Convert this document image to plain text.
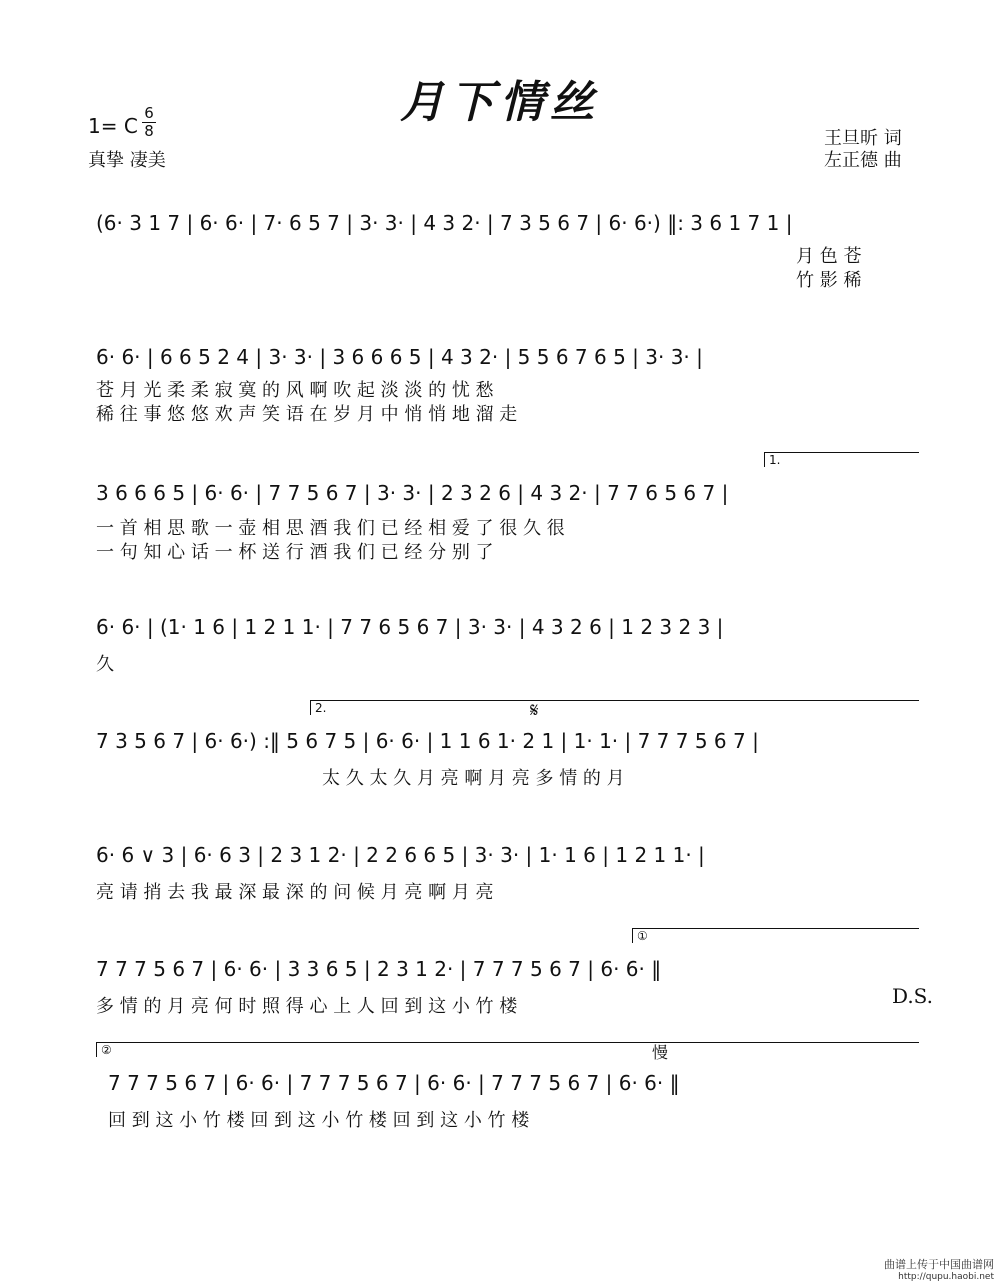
月下情丝
1= C
6
8
真挚 凄美
王旦昕 词
左正德 曲
(6· 3 1 7 | 6· 6· | 7· 6 5 7 | 3· 3· | 4 3 2· | 7 3 5 6 7 | 6· 6·) ‖: 3 6 1 7 1 |
月 色 苍
竹 影 稀
6· 6· | 6 6 5 2 4 | 3· 3· | 3 6 6 6 5 | 4 3 2· | 5 5 6 7 6 5 | 3· 3· |
苍 月 光 柔 柔 寂 寞 的 风 啊 吹 起 淡 淡 的 忧 愁
稀 往 事 悠 悠 欢 声 笑 语 在 岁 月 中 悄 悄 地 溜 走
1.
3 6 6 6 5 | 6· 6· | 7 7 5 6 7 | 3· 3· | 2 3 2 6 | 4 3 2· | 7 7 6 5 6 7 |
一 首 相 思 歌 一 壶 相 思 酒 我 们 已 经 相 爱 了 很 久 很
一 句 知 心 话 一 杯 送 行 酒 我 们 已 经 分 别 了
6· 6· | (1· 1 6 | 1 2 1 1· | 7 7 6 5 6 7 | 3· 3· | 4 3 2 6 | 1 2 3 2 3 |
久
2.	𝄋
7 3 5 6 7 | 6· 6·) :‖ 5 6 7 5 | 6· 6· | 1 1 6 1· 2 1 | 1· 1· | 7 7 7 5 6 7 |
太 久 太 久 月 亮 啊 月 亮 多 情 的 月
6· 6 ∨ 3 | 6· 6 3 | 2 3 1 2· | 2 2 6 6 5 | 3· 3· | 1· 1 6 | 1 2 1 1· |
亮 请 捎 去 我 最 深 最 深 的 问 候 月 亮 啊 月 亮
①
7 7 7 5 6 7 | 6· 6· | 3 3 6 5 | 2 3 1 2· | 7 7 7 5 6 7 | 6· 6· ‖
多 情 的 月 亮 何 时 照 得 心 上 人 回 到 这 小 竹 楼	D.S.
②	慢
7 7 7 5 6 7 | 6· 6· | 7 7 7 5 6 7 | 6· 6· | 7 7 7 5 6 7 | 6· 6· ‖
回 到 这 小 竹 楼 回 到 这 小 竹 楼 回 到 这 小 竹 楼
曲谱上传于中国曲谱网
http://qupu.haobi.net
